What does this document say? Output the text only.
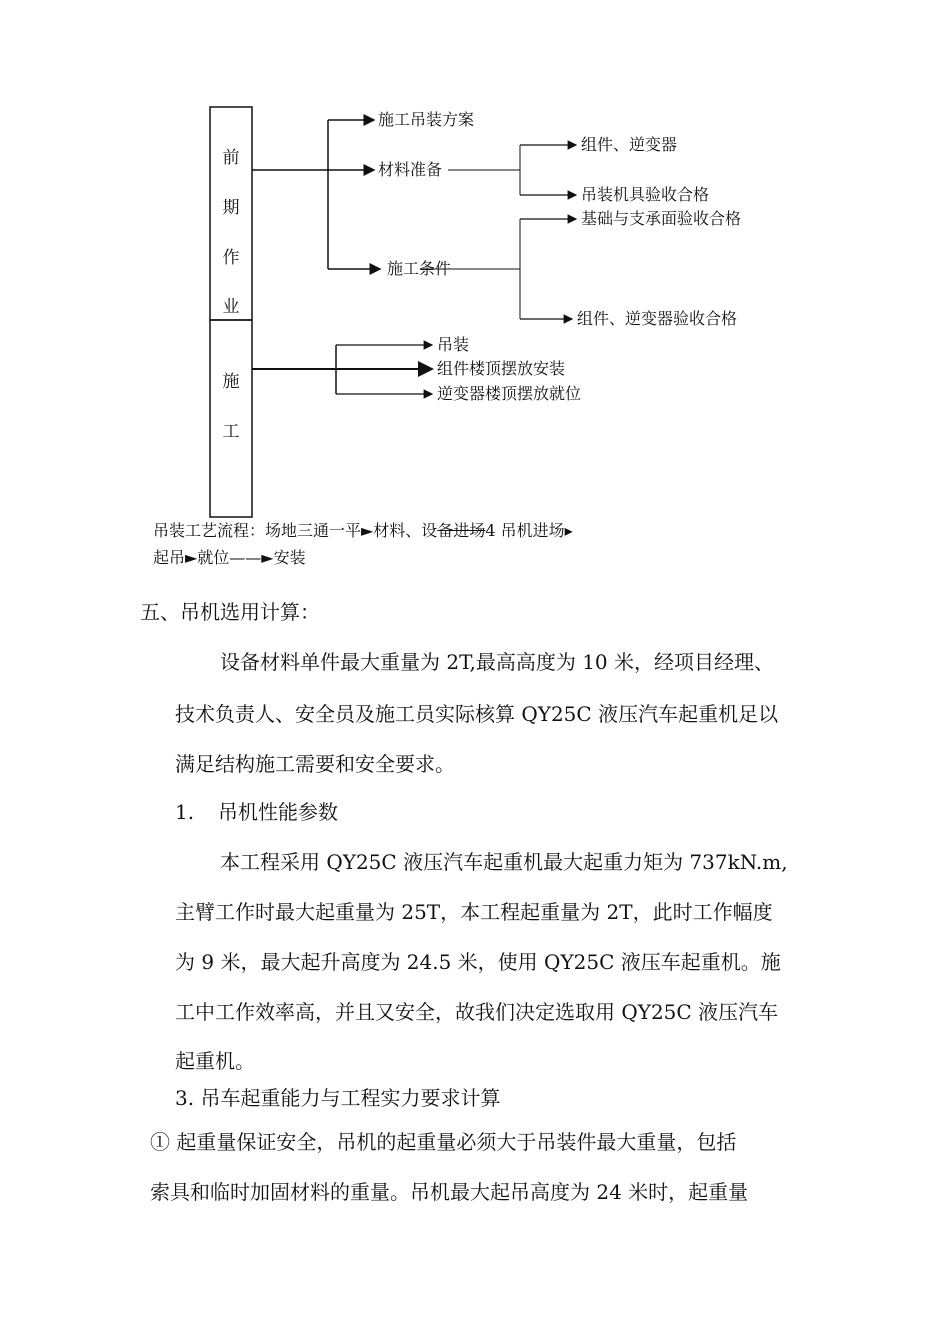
前
期
作
业
施
工
施工吊装方案
材料准备
组件、逆变器
吊装机具验收合格
施工条件
基础与支承面验收合格
组件、逆变器验收合格
吊装
组件楼顶摆放安装
逆变器楼顶摆放就位
吊装工艺流程：场地三通一平►材料、设备进场4 吊机进场▸
起吊►就位——►安装
五、吊机选用计算：
设备材料单件最大重量为 2T,最高高度为 10 米，经项目经理、
技术负责人、安全员及施工员实际核算 QY25C 液压汽车起重机足以
满足结构施工需要和安全要求。
1. 吊机性能参数
本工程采用 QY25C 液压汽车起重机最大起重力矩为 737kN.m,
主臂工作时最大起重量为 25T，本工程起重量为 2T，此时工作幅度
为 9 米，最大起升高度为 24.5 米，使用 QY25C 液压车起重机。施
工中工作效率高，并且又安全，故我们决定选取用 QY25C 液压汽车
起重机。
3. 吊车起重能力与工程实力要求计算
① 起重量保证安全，吊机的起重量必须大于吊装件最大重量，包括
索具和临时加固材料的重量。吊机最大起吊高度为 24 米时，起重量
